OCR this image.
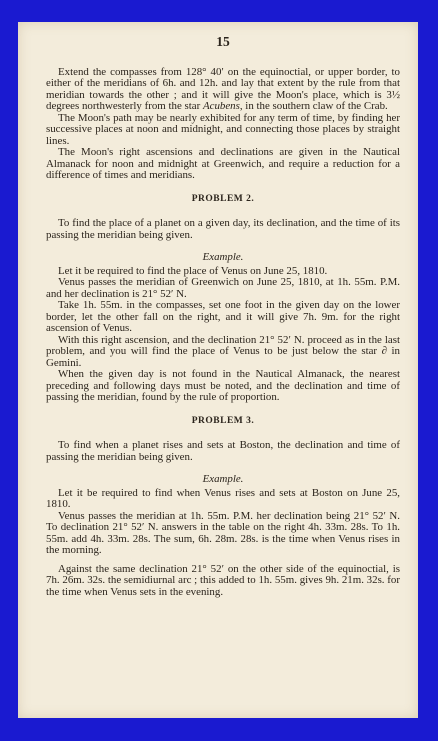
15

Extend the compasses from 128° 40′ on the equinoctial, or upper border, to either of the meridians of 6h. and 12h. and lay that extent by the rule from that meridian towards the other ; and it will give the Moon's place, which is 3½ degrees northwesterly from the star Acubens, in the southern claw of the Crab.

The Moon's path may be nearly exhibited for any term of time, by finding her successive places at noon and midnight, and connecting those places by straight lines.

The Moon's right ascensions and declinations are given in the Nautical Almanack for noon and midnight at Greenwich, and require a reduction for a difference of times and meridians.

PROBLEM 2.

To find the place of a planet on a given day, its declination, and the time of its passing the meridian being given.

Example.

Let it be required to find the place of Venus on June 25, 1810.

Venus passes the meridian of Greenwich on June 25, 1810, at 1h. 55m. P.M. and her declination is 21° 52′ N.

Take 1h. 55m. in the compasses, set one foot in the given day on the lower border, let the other fall on the right, and it will give 7h. 9m. for the right ascension of Venus.

With this right ascension, and the declination 21° 52′ N. proceed as in the last problem, and you will find the place of Venus to be just below the star ∂ in Gemini.

When the given day is not found in the Nautical Almanack, the nearest preceding and following days must be noted, and the declination and time of passing the meridian, found by the rule of proportion.

PROBLEM 3.

To find when a planet rises and sets at Boston, the declination and time of passing the meridian being given.

Example.

Let it be required to find when Venus rises and sets at Boston on June 25, 1810.

Venus passes the meridian at 1h. 55m. P.M. her declination being 21° 52′ N. To declination 21° 52′ N. answers in the table on the right 4h. 33m. 28s. To 1h. 55m. add 4h. 33m. 28s. The sum, 6h. 28m. 28s. is the time when Venus rises in the morning.

Against the same declination 21° 52′ on the other side of the equinoctial, is 7h. 26m. 32s. the semidiurnal arc ; this added to 1h. 55m. gives 9h. 21m. 32s. for the time when Venus sets in the evening.
